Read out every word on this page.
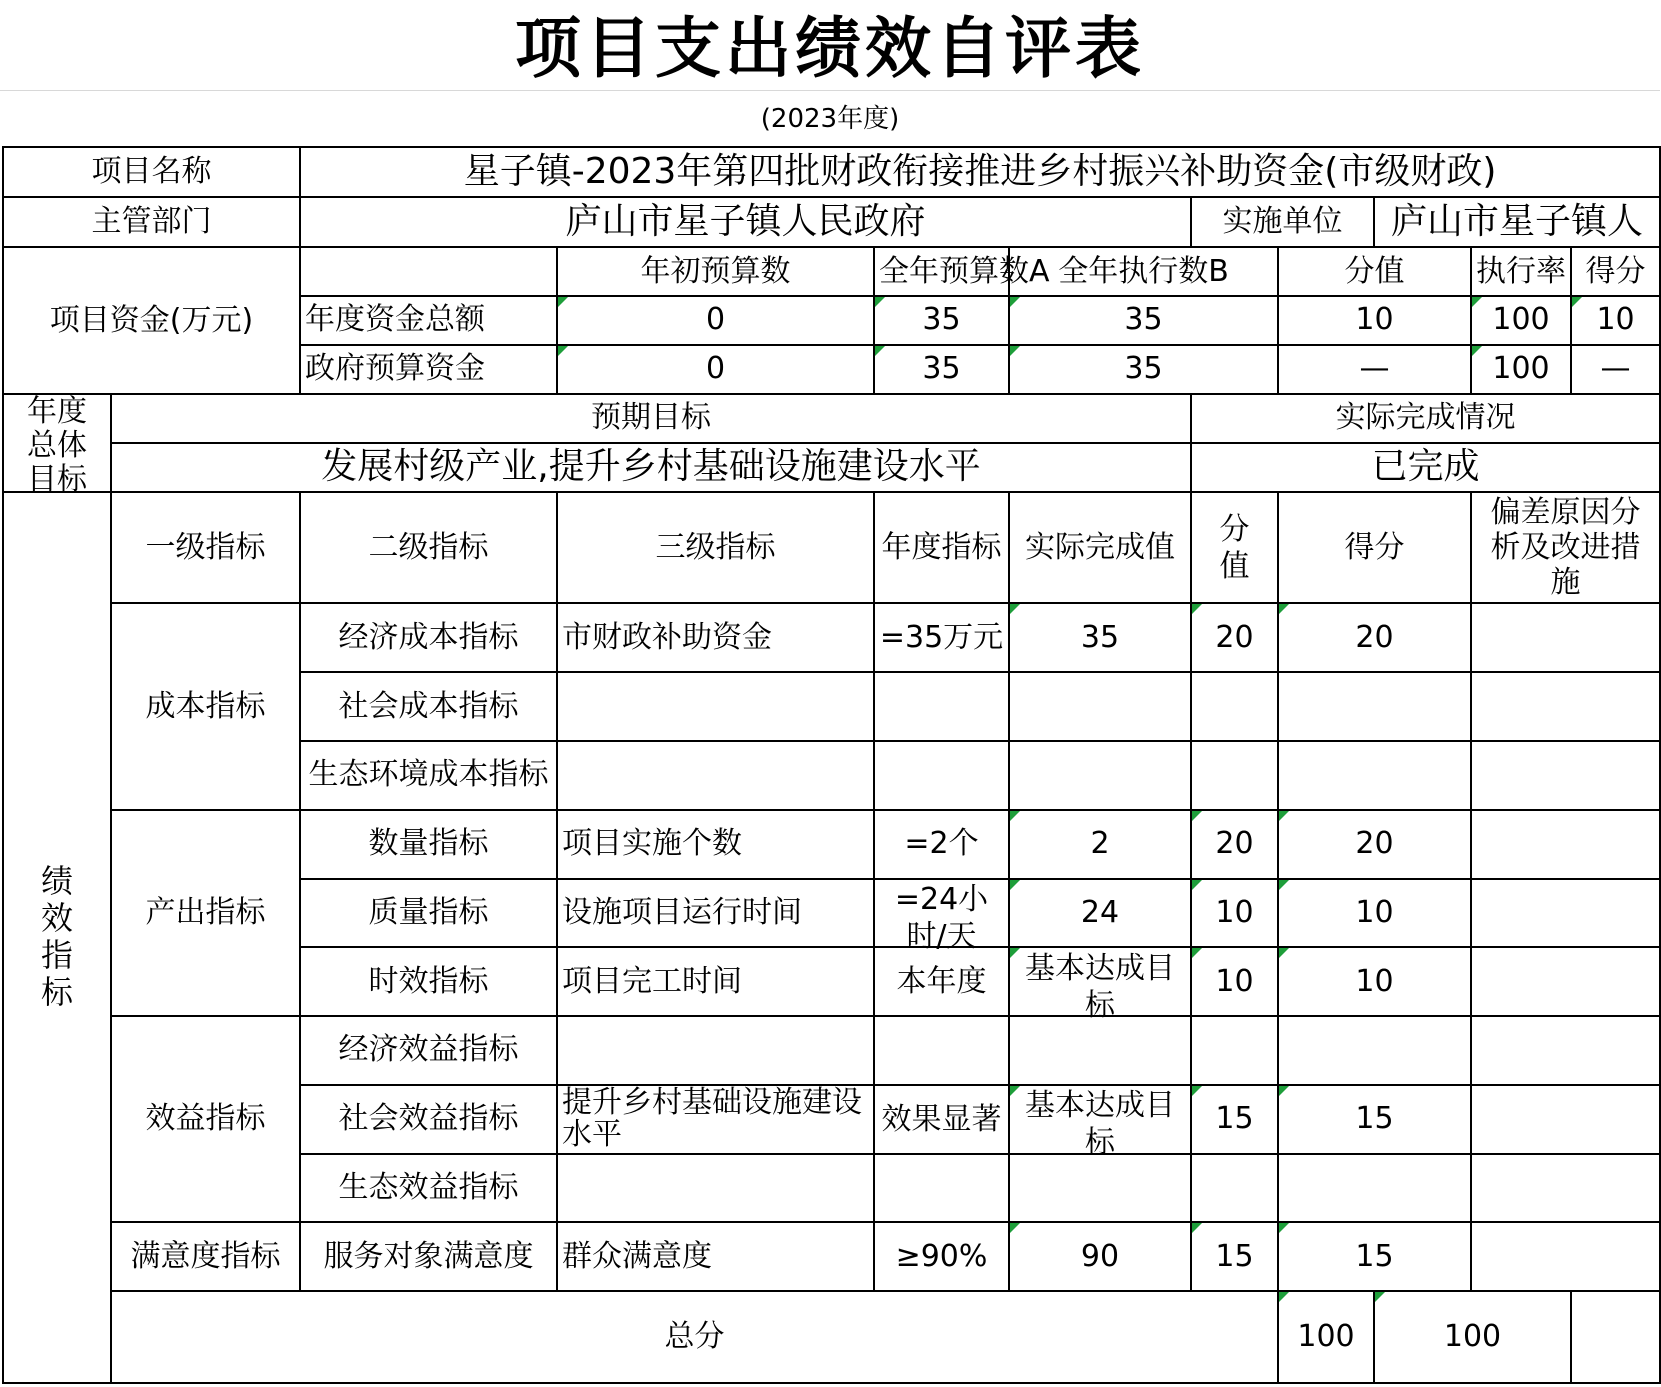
项目支出绩效自评表
(2023年度)
项目名称		星子镇-2023年第四批财政衔接推进乡村振兴补助资金(市级财政)								
主管部门		庐山市星子镇人民政府				实施单位		庐山市星子镇人		
项目资金(万元)			年初预算数	全年预算数A	全年执行数B		分值		执行率	得分
		年度资金总额	0	35	35		10		100	10
		政府预算资金	0	35	35		—		100	—

年度总体目标	预期目标					实际完成情况				
	发展村级产业,提升乡村基础设施建设水平					已完成				
绩效指标	一级指标	二级指标	三级指标	年度指标	实际完成值	分值	得分		偏差原因分析及改进措施	
	成本指标	经济成本指标	市财政补助资金	=35万元	35	20	20			
		社会成本指标								
		生态环境成本指标								
	产出指标	数量指标	项目实施个数	=2个	2	20	20			
		质量指标	设施项目运行时间	=24小时/天	24	10	10			
		时效指标	项目完工时间	本年度	基本达成目标	10	10			
	效益指标	经济效益指标								
		社会效益指标	提升乡村基础设施建设水平	效果显著	基本达成目标	15	15			
		生态效益指标								
	满意度指标	服务对象满意度	群众满意度	≥90%	90	15	15			
	总分						100	100		
